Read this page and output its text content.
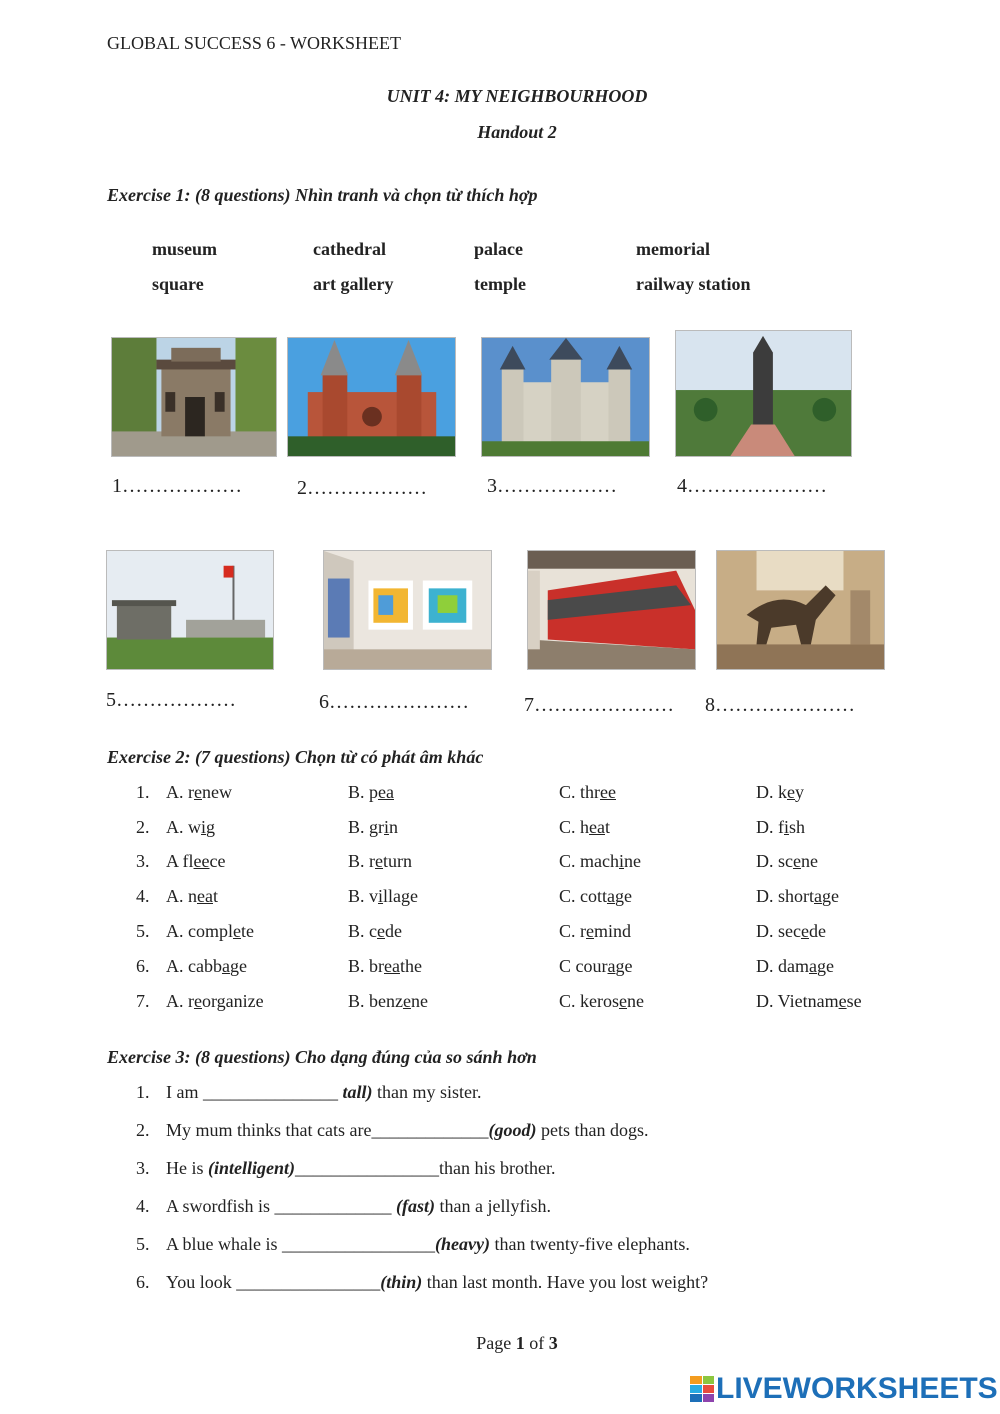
GLOBAL SUCCESS 6 - WORKSHEET
UNIT 4: MY NEIGHBOURHOOD
Handout 2
Exercise 1: (8 questions) Nhìn tranh và chọn từ thích hợp
museum	cathedral	palace	memorial
square	art gallery	temple	railway station
1………………	2………………	3………………	4…………………
5………………	6…………………	7………………… 8…………………
Exercise 2: (7 questions) Chọn từ có phát âm khác
1. A. renew	B. pea	C. three	D. key
2. A. wig	B. grin	C. heat	D. fish
3. A fleece	B. return	C. machine	D. scene
4. A. neat	B. village	C. cottage	D. shortage
5. A. complete	B. cede	C. remind	D. secede
6. A. cabbage	B. breathe	C courage	D. damage
7. A. reorganize	B. benzene	C. kerosene	D. Vietnamese
Exercise 3: (8 questions) Cho dạng đúng của so sánh hơn
1. I am _______________ tall) than my sister.
2. My mum thinks that cats are_____________(good) pets than dogs.
3. He is (intelligent)________________than his brother.
4. A swordfish is _____________ (fast) than a jellyfish.
5. A blue whale is _________________(heavy) than twenty-five elephants.
6. You look ________________(thin) than last month. Have you lost weight?
Page 1 of 3
LIVEWORKSHEETS
